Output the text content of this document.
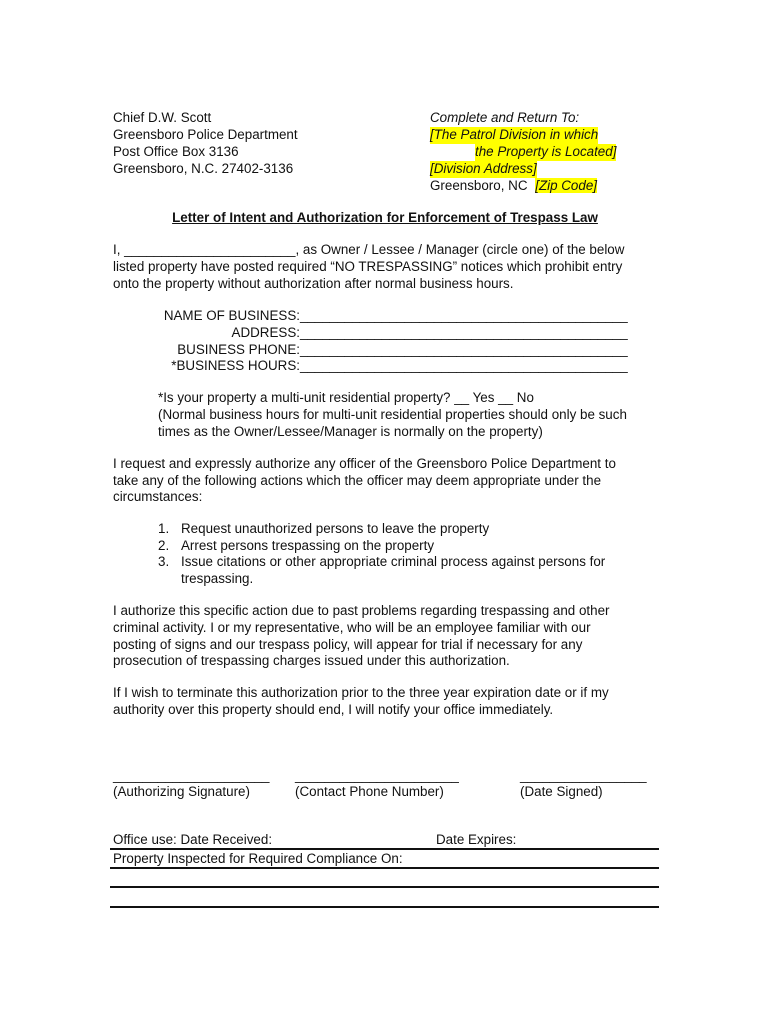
Chief D.W. Scott
Greensboro Police Department
Post Office Box 3136
Greensboro, N.C. 27402-3136
Complete and Return To:
[The Patrol Division in which
the Property is Located]
[Division Address]
Greensboro, NC [Zip Code]
Letter of Intent and Authorization for Enforcement of Trespass Law
I, _______________________, as Owner / Lessee / Manager (circle one) of the below
listed property have posted required “NO TRESPASSING” notices which prohibit entry
onto the property without authorization after normal business hours.
NAME OF BUSINESS:____________________________________________
ADDRESS:____________________________________________
BUSINESS PHONE:____________________________________________
*BUSINESS HOURS:____________________________________________
*Is your property a multi-unit residential property? __ Yes __ No
(Normal business hours for multi-unit residential properties should only be such
times as the Owner/Lessee/Manager is normally on the property)
I request and expressly authorize any officer of the Greensboro Police Department to
take any of the following actions which the officer may deem appropriate under the
circumstances:
1. Request unauthorized persons to leave the property
2. Arrest persons trespassing on the property
3. Issue citations or other appropriate criminal process against persons for
trespassing.
I authorize this specific action due to past problems regarding trespassing and other
criminal activity. I or my representative, who will be an employee familiar with our
posting of signs and our trespass policy, will appear for trial if necessary for any
prosecution of trespassing charges issued under this authorization.
If I wish to terminate this authorization prior to the three year expiration date or if my
authority over this property should end, I will notify your office immediately.
_____________________
(Authorizing Signature)
______________________
(Contact Phone Number)
_________________
(Date Signed)
Office use: Date Received:	Date Expires:
Property Inspected for Required Compliance On:
